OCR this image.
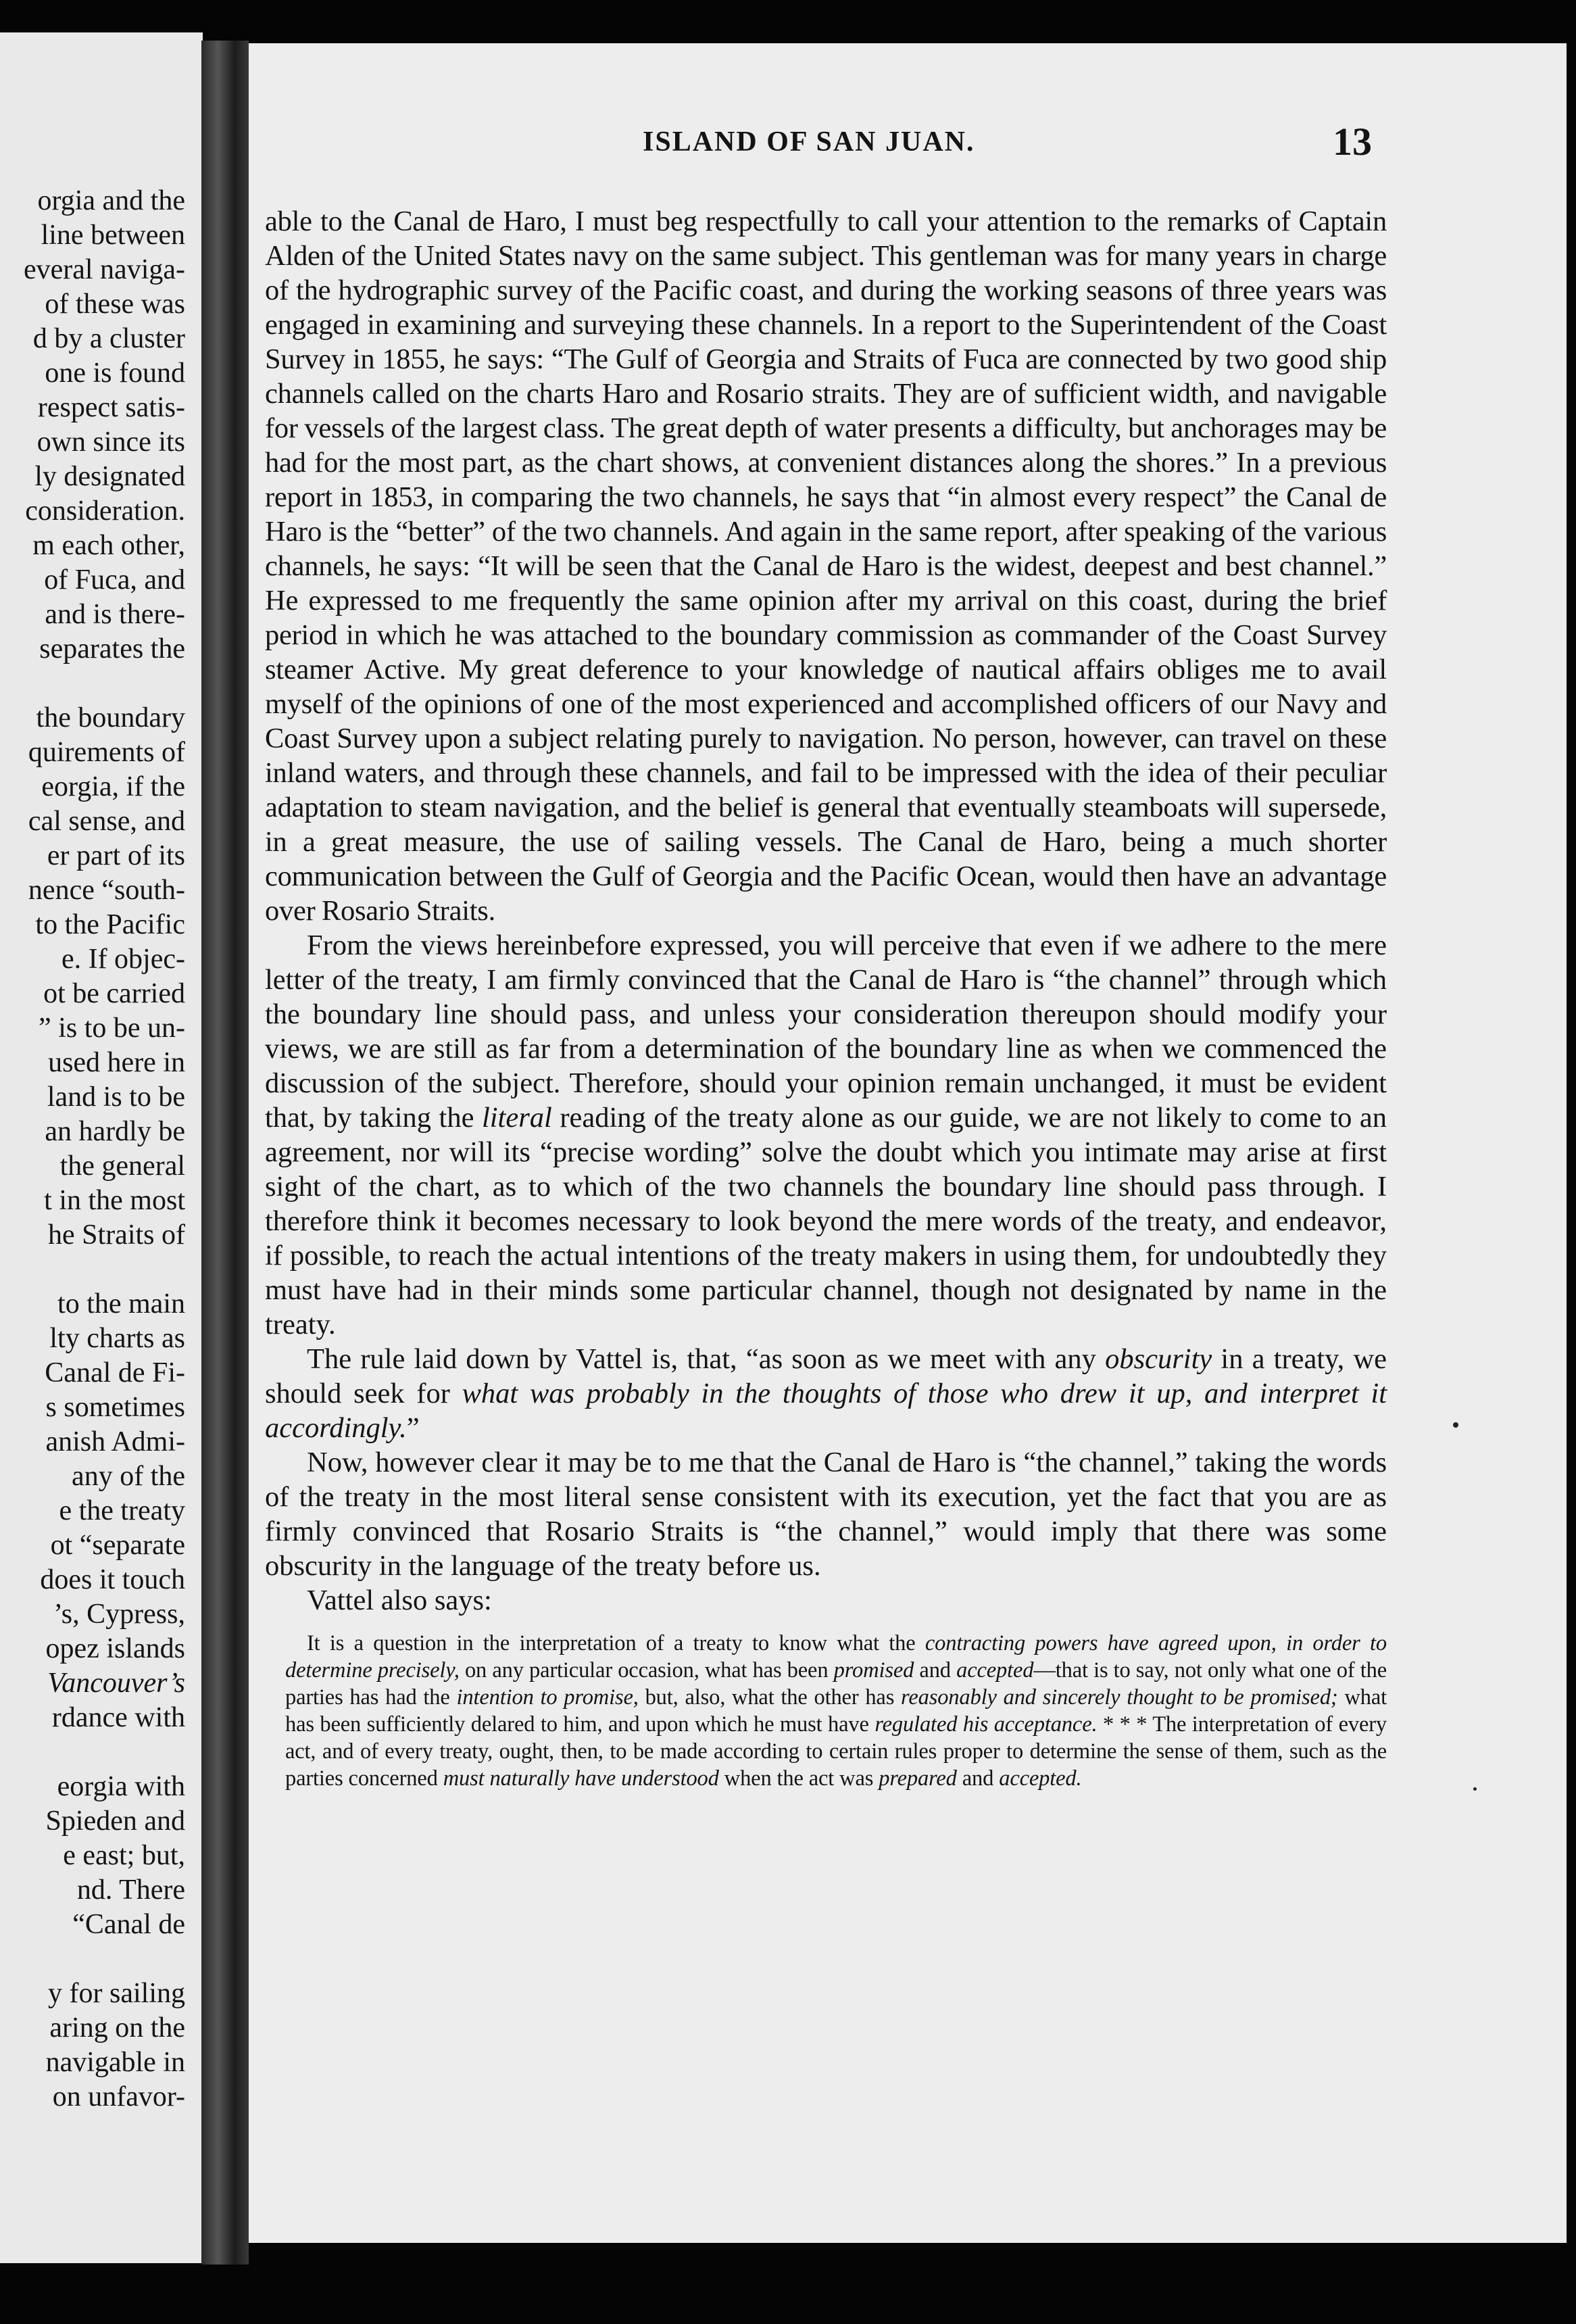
orgia and the
line between
everal naviga-
of these was
d by a cluster
one is found
respect satis-
own since its
ly designated
consideration.
m each other,
of Fuca, and
and is there-
separates the
the boundary
quirements of
eorgia, if the
cal sense, and
er part of its
nence “south-
to the Pacific
e. If objec-
ot be carried
” is to be un-
used here in
land is to be
an hardly be
the general
t in the most
he Straits of
to the main
lty charts as
Canal de Fi-
s sometimes
anish Admi-
any of the
e the treaty
ot “separate
does it touch
’s, Cypress,
opez islands
Vancouver’s
rdance with
eorgia with
Spieden and
e east; but,
nd. There
“Canal de
y for sailing
aring on the
navigable in
on unfavor-
ISLAND OF SAN JUAN.	13

able to the Canal de Haro, I must beg respectfully to call your attention to the remarks of Captain Alden of the United States navy on the same subject. This gentleman was for many years in charge of the hydrographic survey of the Pacific coast, and during the working seasons of three years was engaged in examining and surveying these channels. In a report to the Superintendent of the Coast Survey in 1855, he says: “The Gulf of Georgia and Straits of Fuca are connected by two good ship channels called on the charts Haro and Rosario straits. They are of sufficient width, and navigable for vessels of the largest class. The great depth of water presents a difficulty, but anchorages may be had for the most part, as the chart shows, at convenient distances along the shores.” In a previous report in 1853, in comparing the two channels, he says that “in almost every respect” the Canal de Haro is the “better” of the two channels. And again in the same report, after speaking of the various channels, he says: “It will be seen that the Canal de Haro is the widest, deepest and best channel.” He expressed to me frequently the same opinion after my arrival on this coast, during the brief period in which he was attached to the boundary commission as commander of the Coast Survey steamer Active. My great deference to your knowledge of nautical affairs obliges me to avail myself of the opinions of one of the most experienced and accomplished officers of our Navy and Coast Survey upon a subject relating purely to navigation. No person, however, can travel on these inland waters, and through these channels, and fail to be impressed with the idea of their peculiar adaptation to steam navigation, and the belief is general that eventually steamboats will supersede, in a great measure, the use of sailing vessels. The Canal de Haro, being a much shorter communication between the Gulf of Georgia and the Pacific Ocean, would then have an advantage over Rosario Straits.

From the views hereinbefore expressed, you will perceive that even if we adhere to the mere letter of the treaty, I am firmly convinced that the Canal de Haro is “the channel” through which the boundary line should pass, and unless your consideration thereupon should modify your views, we are still as far from a determination of the boundary line as when we commenced the discussion of the subject. Therefore, should your opinion remain unchanged, it must be evident that, by taking the literal reading of the treaty alone as our guide, we are not likely to come to an agreement, nor will its “precise wording” solve the doubt which you intimate may arise at first sight of the chart, as to which of the two channels the boundary line should pass through. I therefore think it becomes necessary to look beyond the mere words of the treaty, and endeavor, if possible, to reach the actual intentions of the treaty makers in using them, for undoubtedly they must have had in their minds some particular channel, though not designated by name in the treaty.

The rule laid down by Vattel is, that, “as soon as we meet with any obscurity in a treaty, we should seek for what was probably in the thoughts of those who drew it up, and interpret it accordingly.”

Now, however clear it may be to me that the Canal de Haro is “the channel,” taking the words of the treaty in the most literal sense consistent with its execution, yet the fact that you are as firmly convinced that Rosario Straits is “the channel,” would imply that there was some obscurity in the language of the treaty before us.

Vattel also says:

It is a question in the interpretation of a treaty to know what the contracting powers have agreed upon, in order to determine precisely, on any particular occasion, what has been promised and accepted—that is to say, not only what one of the parties has had the intention to promise, but, also, what the other has reasonably and sincerely thought to be promised; what has been sufficiently delared to him, and upon which he must have regulated his acceptance. * * * The interpretation of every act, and of every treaty, ought, then, to be made according to certain rules proper to determine the sense of them, such as the parties concerned must naturally have understood when the act was prepared and accepted.
